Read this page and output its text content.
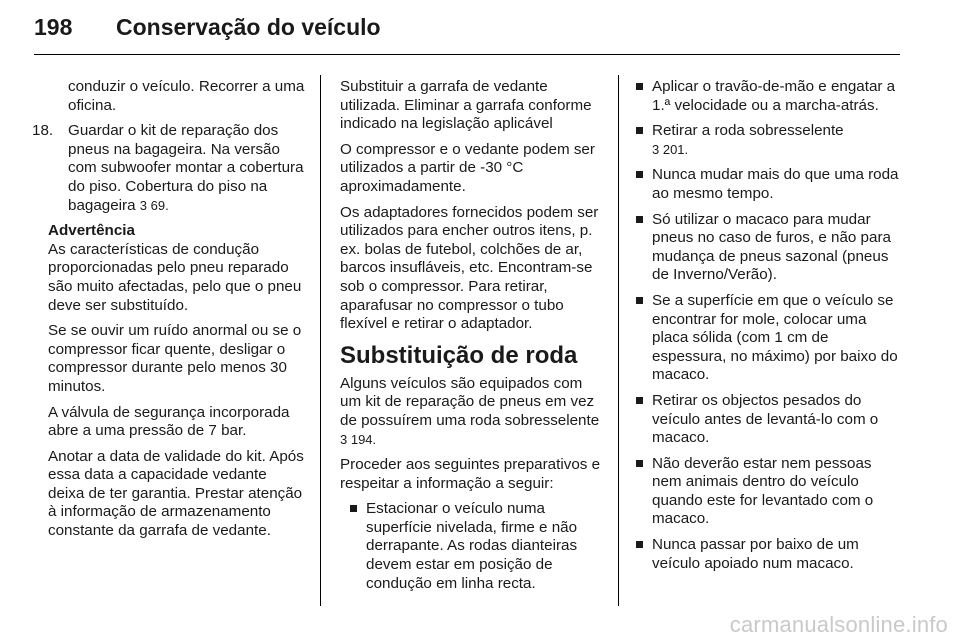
198 Conservação do veículo

conduzir o veículo. Recorrer a uma oficina.

18. Guardar o kit de reparação dos pneus na bagageira. Na versão com subwoofer montar a cobertura do piso. Cobertura do piso na bagageira 3 69.

Advertência

As características de condução proporcionadas pelo pneu reparado são muito afectadas, pelo que o pneu deve ser substituído.

Se se ouvir um ruído anormal ou se o compressor ficar quente, desligar o compressor durante pelo menos 30 minutos.

A válvula de segurança incorporada abre a uma pressão de 7 bar.

Anotar a data de validade do kit. Após essa data a capacidade vedante deixa de ter garantia. Prestar atenção à informação de armazenamento constante da garrafa de vedante.

Substituir a garrafa de vedante utilizada. Eliminar a garrafa conforme indicado na legislação aplicável

O compressor e o vedante podem ser utilizados a partir de -30 °C aproximadamente.

Os adaptadores fornecidos podem ser utilizados para encher outros itens, p. ex. bolas de futebol, colchões de ar, barcos insufláveis, etc. Encontram-se sob o compressor. Para retirar, aparafusar no compressor o tubo flexível e retirar o adaptador.

Substituição de roda

Alguns veículos são equipados com um kit de reparação de pneus em vez de possuírem uma roda sobresselente 3 194.

Proceder aos seguintes preparativos e respeitar a informação a seguir:

Estacionar o veículo numa superfície nivelada, firme e não derrapante. As rodas dianteiras devem estar em posição de condução em linha recta.
Aplicar o travão-de-mão e engatar a 1.ª velocidade ou a marcha-atrás.
Retirar a roda sobresselente
3 201.
Nunca mudar mais do que uma roda ao mesmo tempo.
Só utilizar o macaco para mudar pneus no caso de furos, e não para mudança de pneus sazonal (pneus de Inverno/Verão).
Se a superfície em que o veículo se encontrar for mole, colocar uma placa sólida (com 1 cm de espessura, no máximo) por baixo do macaco.
Retirar os objectos pesados do veículo antes de levantá-lo com o macaco.
Não deverão estar nem pessoas nem animais dentro do veículo quando este for levantado com o macaco.
Nunca passar por baixo de um veículo apoiado num macaco.
carmanualsonline.info
